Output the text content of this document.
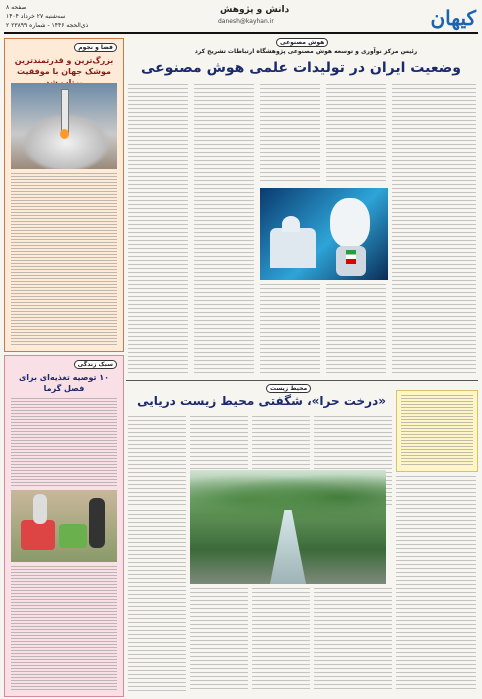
کیهان
دانش و پژوهش
danesh@kayhan.ir
صفحه ۸
سه‌شنبه ۲۷ خرداد ۱۴۰۴
۲ ذی‌الحجه ۱۴۴۶ - شماره ۲۳۸۹۹
فضا و نجوم
بزرگ‌ترین و قدرتمندترین موشک جهان با موفقیت
سبک زندگی
۱۰ توصیه تغذیه‌ای برای فصل گرما
هوش مصنوعی
رئیس مرکز نوآوری و توسعه هوش مصنوعی پژوهشگاه ارتباطات تشریح کرد
وضعیت ایران در تولیدات علمی هوش مصنوعی
محیط زیست
«درخت حرا»، شگفتی محیط زیست دریایی
